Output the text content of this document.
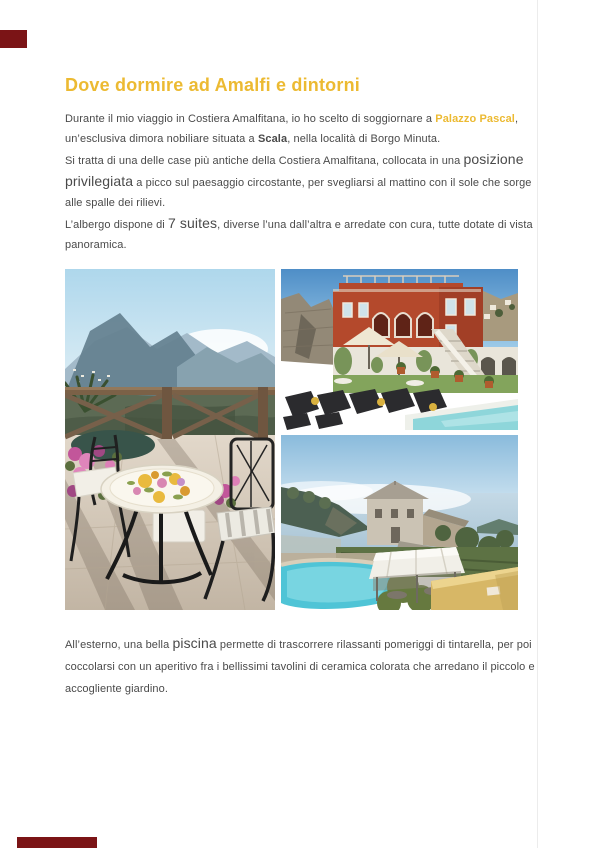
Dove dormire ad Amalfi e dintorni

Durante il mio viaggio in Costiera Amalfitana, io ho scelto di soggiornare a Palazzo Pascal, un’esclusiva dimora nobiliare situata a Scala, nella località di Borgo Minuta.

Si tratta di una delle case più antiche della Costiera Amalfitana, collocata in una posizione privilegiata a picco sul paesaggio circostante, per svegliarsi al mattino con il sole che sorge alle spalle dei rilievi.

L’albergo dispone di 7 suites, diverse l’una dall’altra e arredate con cura, tutte dotate di vista panoramica.

All’esterno, una bella piscina permette di trascorrere rilassanti pomeriggi di tintarella, per poi coccolarsi con un aperitivo fra i bellissimi tavolini di ceramica colorata che arredano il piccolo e accogliente giardino.
